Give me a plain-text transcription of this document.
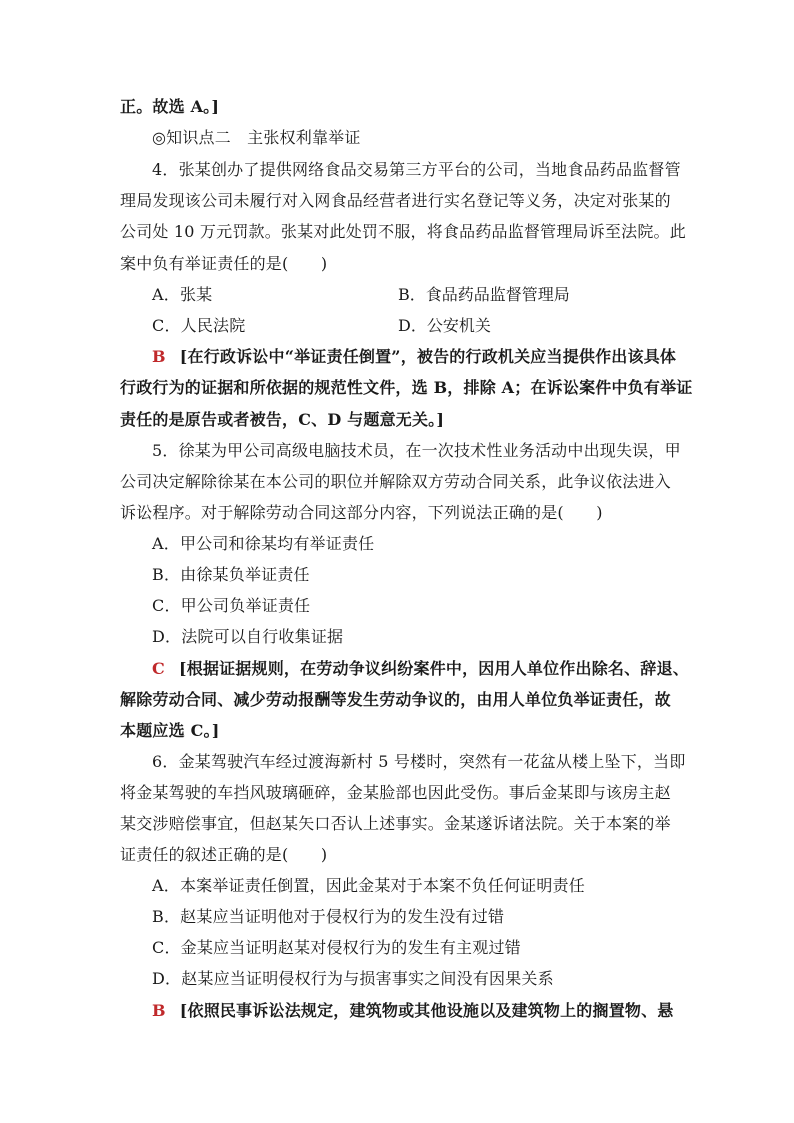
正。故选 A。]
◎知识点二　主张权利靠举证
4．张某创办了提供网络食品交易第三方平台的公司，当地食品药品监督管
理局发现该公司未履行对入网食品经营者进行实名登记等义务，决定对张某的
公司处 10 万元罚款。张某对此处罚不服，将食品药品监督管理局诉至法院。此
案中负有举证责任的是(　　)
A．张某	B．食品药品监督管理局
C．人民法院	D．公安机关
B [在行政诉讼中“举证责任倒置”，被告的行政机关应当提供作出该具体
行政行为的证据和所依据的规范性文件，选 B，排除 A；在诉讼案件中负有举证
责任的是原告或者被告，C、D 与题意无关。]
5．徐某为甲公司高级电脑技术员，在一次技术性业务活动中出现失误，甲
公司决定解除徐某在本公司的职位并解除双方劳动合同关系，此争议依法进入
诉讼程序。对于解除劳动合同这部分内容，下列说法正确的是(　　)
A．甲公司和徐某均有举证责任
B．由徐某负举证责任
C．甲公司负举证责任
D．法院可以自行收集证据
C [根据证据规则，在劳动争议纠纷案件中，因用人单位作出除名、辞退、
解除劳动合同、减少劳动报酬等发生劳动争议的，由用人单位负举证责任，故
本题应选 C。]
6．金某驾驶汽车经过渡海新村 5 号楼时，突然有一花盆从楼上坠下，当即
将金某驾驶的车挡风玻璃砸碎，金某脸部也因此受伤。事后金某即与该房主赵
某交涉赔偿事宜，但赵某矢口否认上述事实。金某遂诉诸法院。关于本案的举
证责任的叙述正确的是(　　)
A．本案举证责任倒置，因此金某对于本案不负任何证明责任
B．赵某应当证明他对于侵权行为的发生没有过错
C．金某应当证明赵某对侵权行为的发生有主观过错
D．赵某应当证明侵权行为与损害事实之间没有因果关系
B [依照民事诉讼法规定，建筑物或其他设施以及建筑物上的搁置物、悬
